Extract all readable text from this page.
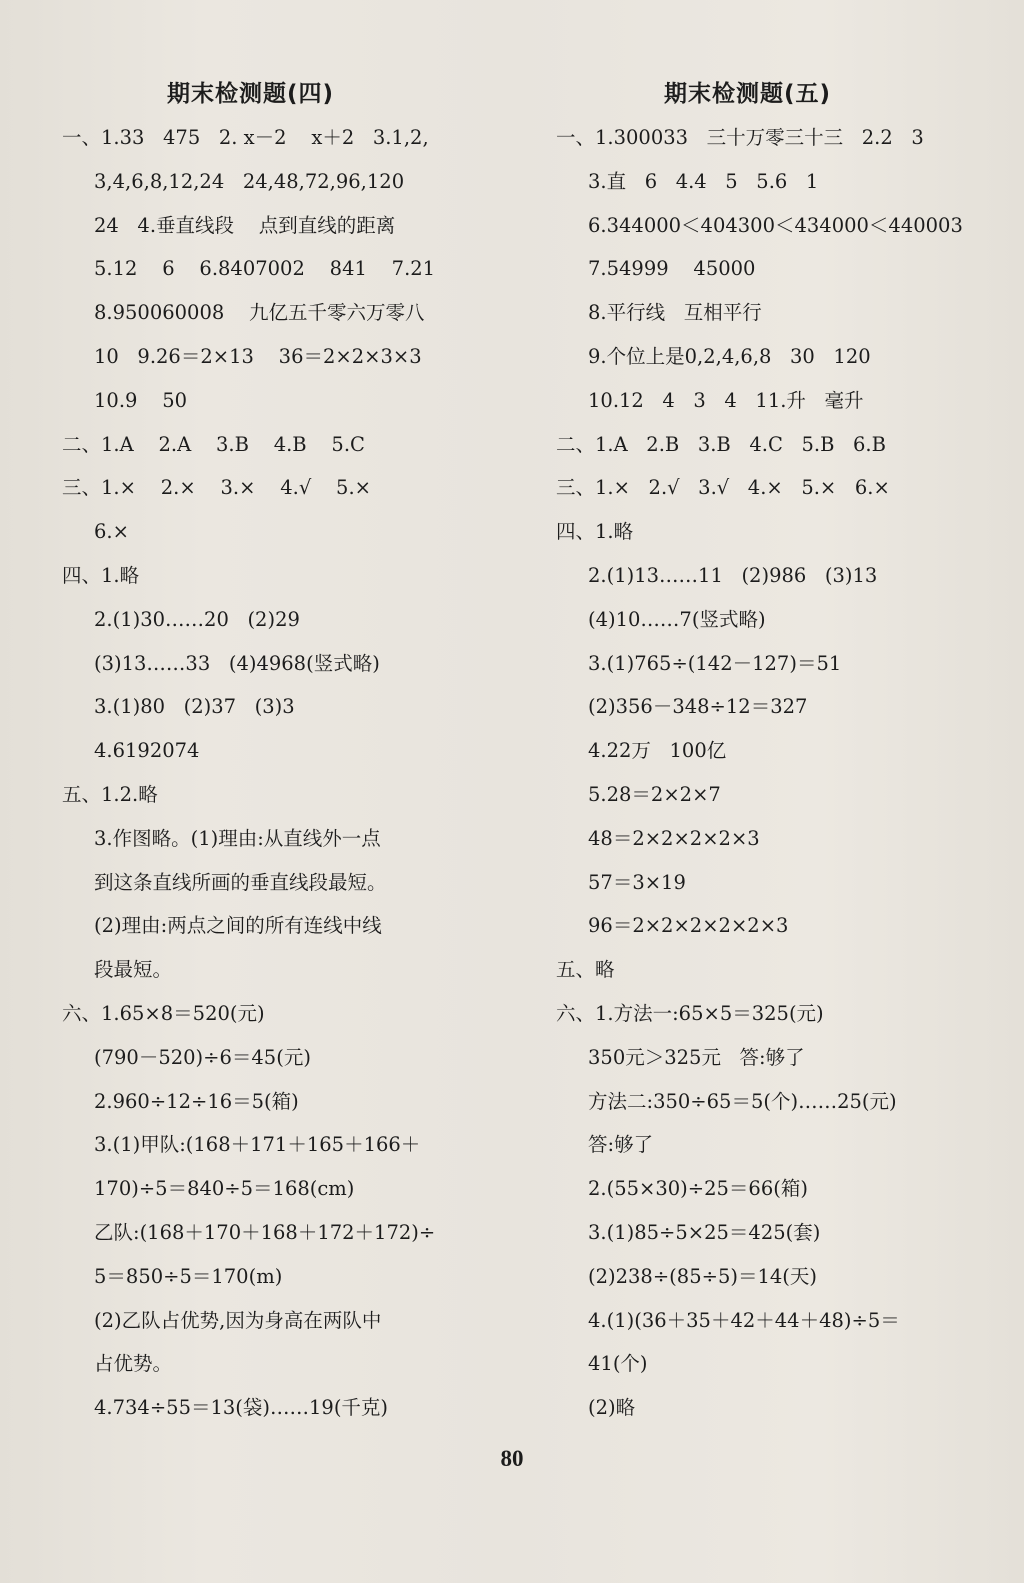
期末检测题(四)
一、1.33   475   2. x－2    x＋2   3.1,2,
3,4,6,8,12,24   24,48,72,96,120
24   4.垂直线段    点到直线的距离
5.12    6    6.8407002    841    7.21
8.950060008    九亿五千零六万零八
10   9.26＝2×13    36＝2×2×3×3
10.9    50
二、1.A    2.A    3.B    4.B    5.C
三、1.×    2.×    3.×    4.√    5.×
6.×
四、1.略
2.(1)30……20   (2)29
(3)13……33   (4)4968(竖式略)
3.(1)80   (2)37   (3)3
4.6192074
五、1.2.略
3.作图略。(1)理由:从直线外一点
到这条直线所画的垂直线段最短。
(2)理由:两点之间的所有连线中线
段最短。
六、1.65×8＝520(元)
(790－520)÷6＝45(元)
2.960÷12÷16＝5(箱)
3.(1)甲队:(168＋171＋165＋166＋
170)÷5＝840÷5＝168(cm)
乙队:(168＋170＋168＋172＋172)÷
5＝850÷5＝170(m)
(2)乙队占优势,因为身高在两队中
占优势。
4.734÷55＝13(袋)……19(千克)
期末检测题(五)
一、1.300033   三十万零三十三   2.2   3
3.直   6   4.4   5   5.6   1
6.344000＜404300＜434000＜440003
7.54999    45000
8.平行线   互相平行
9.个位上是0,2,4,6,8   30   120
10.12   4   3   4   11.升   毫升
二、1.A   2.B   3.B   4.C   5.B   6.B
三、1.×   2.√   3.√   4.×   5.×   6.×
四、1.略
2.(1)13……11   (2)986   (3)13
(4)10……7(竖式略)
3.(1)765÷(142－127)＝51
(2)356－348÷12＝327
4.22万   100亿
5.28＝2×2×7
48＝2×2×2×2×3
57＝3×19
96＝2×2×2×2×2×3
五、略
六、1.方法一:65×5＝325(元)
350元＞325元   答:够了
方法二:350÷65＝5(个)……25(元)
答:够了
2.(55×30)÷25＝66(箱)
3.(1)85÷5×25＝425(套)
(2)238÷(85÷5)＝14(天)
4.(1)(36＋35＋42＋44＋48)÷5＝
41(个)
(2)略
80
